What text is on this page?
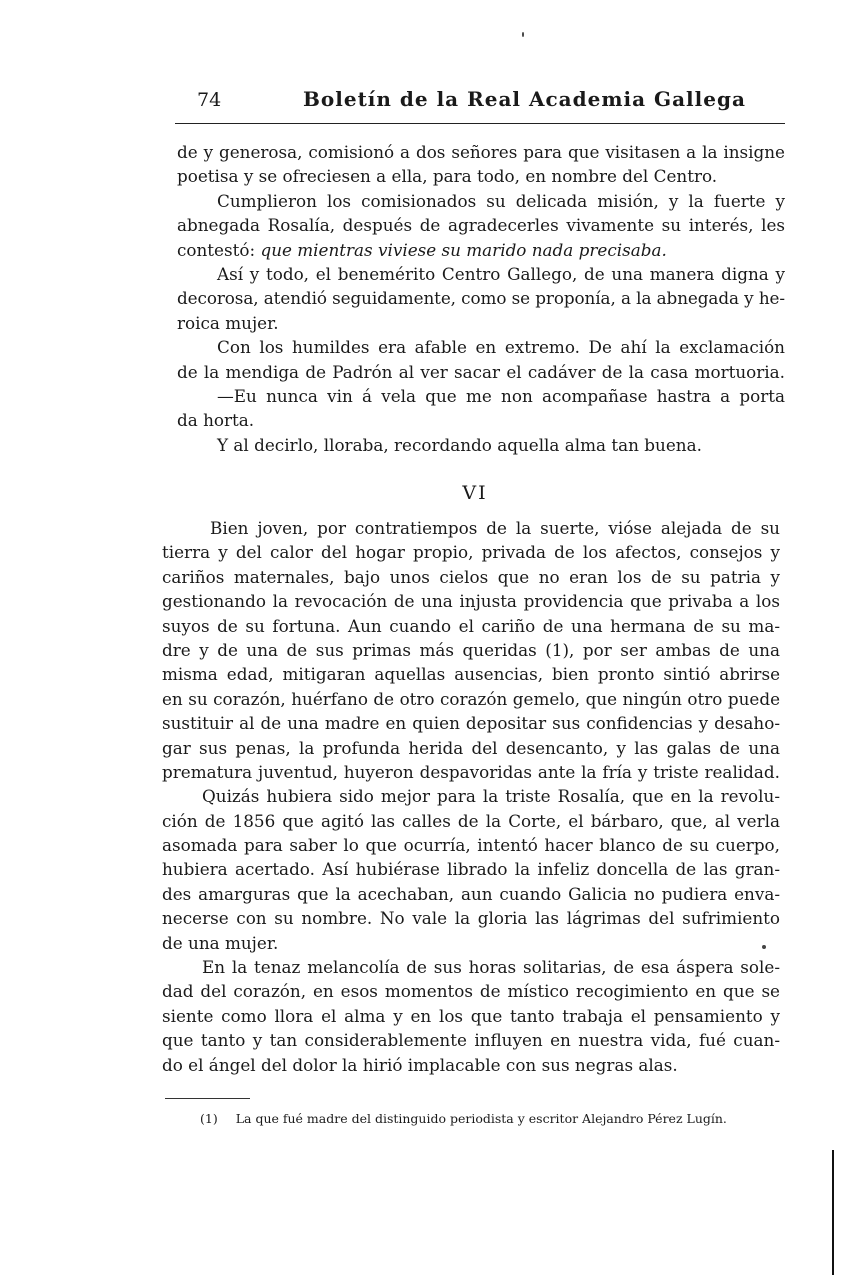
74	Boletín de la Real Academia Gallega
de y generosa, comisionó a dos señores para que visitasen a la insigne
poetisa y se ofreciesen a ella, para todo, en nombre del Centro.
Cumplieron los comisionados su delicada misión, y la fuerte y
abnegada Rosalía, después de agradecerles vivamente su interés, les
contestó: que mientras viviese su marido nada precisaba.
Así y todo, el benemérito Centro Gallego, de una manera digna y
decorosa, atendió seguidamente, como se proponía, a la abnegada y he-
roica mujer.
Con los humildes era afable en extremo. De ahí la exclamación
de la mendiga de Padrón al ver sacar el cadáver de la casa mortuoria.
—Eu nunca vin á vela que me non acompañase hastra a porta
da horta.
Y al decirlo, lloraba, recordando aquella alma tan buena.
VI
Bien joven, por contratiempos de la suerte, vióse alejada de su
tierra y del calor del hogar propio, privada de los afectos, consejos y
cariños maternales, bajo unos cielos que no eran los de su patria y
gestionando la revocación de una injusta providencia que privaba a los
suyos de su fortuna. Aun cuando el cariño de una hermana de su ma-
dre y de una de sus primas más queridas (1), por ser ambas de una
misma edad, mitigaran aquellas ausencias, bien pronto sintió abrirse
en su corazón, huérfano de otro corazón gemelo, que ningún otro puede
sustituir al de una madre en quien depositar sus confidencias y desaho-
gar sus penas, la profunda herida del desencanto, y las galas de una
prematura juventud, huyeron despavoridas ante la fría y triste realidad.
Quizás hubiera sido mejor para la triste Rosalía, que en la revolu-
ción de 1856 que agitó las calles de la Corte, el bárbaro, que, al verla
asomada para saber lo que ocurría, intentó hacer blanco de su cuerpo,
hubiera acertado. Así hubiérase librado la infeliz doncella de las gran-
des amarguras que la acechaban, aun cuando Galicia no pudiera enva-
necerse con su nombre. No vale la gloria las lágrimas del sufrimiento
de una mujer.
En la tenaz melancolía de sus horas solitarias, de esa áspera sole-
dad del corazón, en esos momentos de místico recogimiento en que se
siente como llora el alma y en los que tanto trabaja el pensamiento y
que tanto y tan considerablemente influyen en nuestra vida, fué cuan-
do el ángel del dolor la hirió implacable con sus negras alas.
(1) La que fué madre del distinguido periodista y escritor Alejandro Pérez Lugín.
